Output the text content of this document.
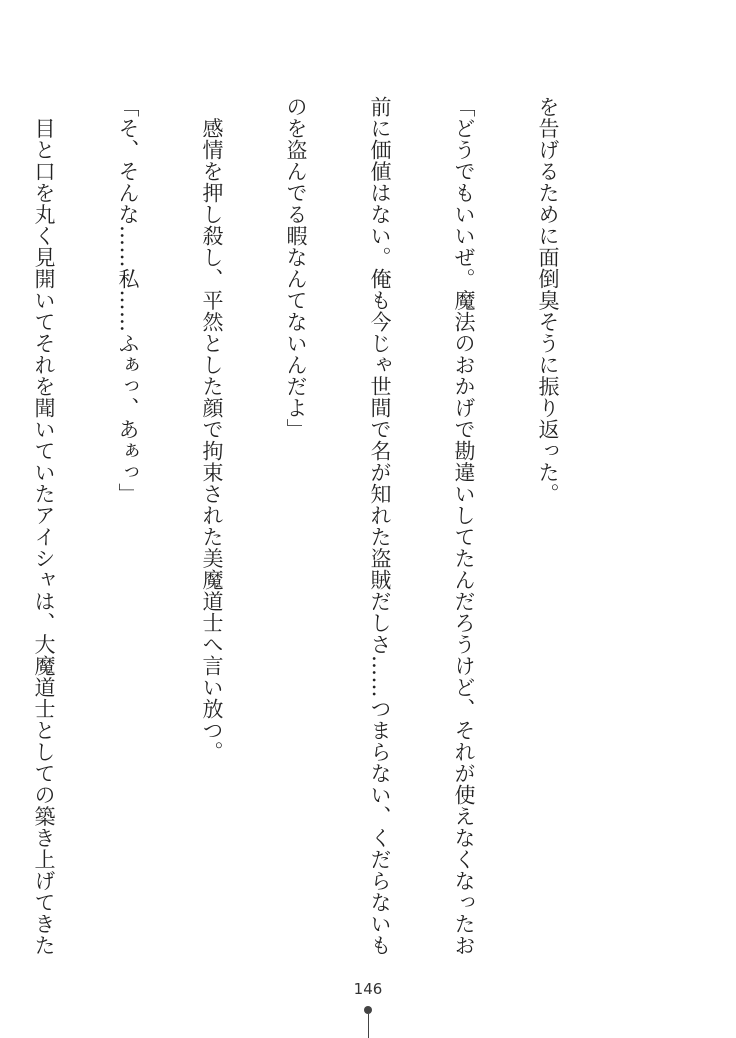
を告げるために面倒臭そうに振り返った。

「どうでもいいぜ。魔法のおかげで勘違いしてたんだろうけど、それが使えなくなったお

前に価値はない。俺も今じゃ世間で名が知れた盗賊だしさ……つまらない、くだらないも

のを盗んでる暇なんてないんだよ」

　感情を押し殺し、平然とした顔で拘束された美魔道士へ言い放つ。

「そ、そんな……私……ふぁっ、あぁっ」

　目と口を丸く見開いてそれを聞いていたアイシャは、大魔道士としての築き上げてきた

146
